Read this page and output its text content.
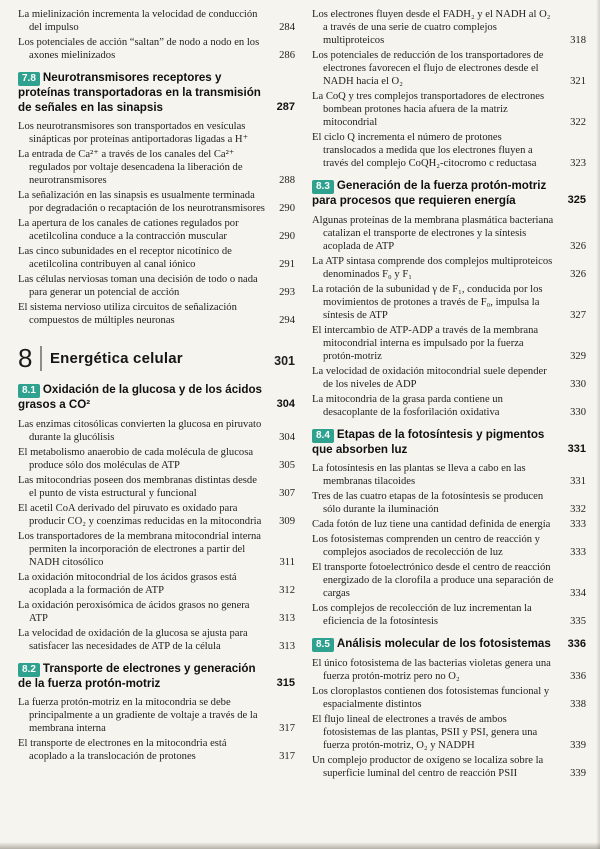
La mielinización incrementa la velocidad de conducción del impulso	284
Los potenciales de acción “saltan” de nodo a nodo en los axones mielinizados	286
7.8 Neurotransmisores receptores y proteínas transportadoras en la transmisión de señales en las sinapsis	287
Los neurotransmisores son transportados en vesículas sinápticas por proteínas antiportadoras ligadas a H⁺
La entrada de Ca²⁺ a través de los canales del Ca²⁺ regulados por voltaje desencadena la liberación de neurotransmisores	288
La señalización en las sinapsis es usualmente terminada por degradación o recaptación de los neurotransmisores 290
La apertura de los canales de cationes regulados por acetilcolina conduce a la contracción muscular	290
Las cinco subunidades en el receptor nicotínico de acetilcolina contribuyen al canal iónico	291
Las células nerviosas toman una decisión de todo o nada para generar un potencial de acción	293
El sistema nervioso utiliza circuitos de señalización compuestos de múltiples neuronas	294
8	Energética celular	301
8.1 Oxidación de la glucosa y de los ácidos grasos a CO²	304
Las enzimas citosólicas convierten la glucosa en piruvato durante la glucólisis	304
El metabolismo anaerobio de cada molécula de glucosa produce sólo dos moléculas de ATP	305
Las mitocondrias poseen dos membranas distintas desde el punto de vista estructural y funcional	307
El acetil CoA derivado del piruvato es oxidado para producir CO₂ y coenzimas reducidas en la mitocondria 309
Los transportadores de la membrana mitocondrial interna permiten la incorporación de electrones a partir del NADH citosólico	311
La oxidación mitocondrial de los ácidos grasos está acoplada a la formación de ATP	312
La oxidación peroxisómica de ácidos grasos no genera ATP	313
La velocidad de oxidación de la glucosa se ajusta para satisfacer las necesidades de ATP de la célula	313
8.2 Transporte de electrones y generación de la fuerza protón-motriz	315
La fuerza protón-motriz en la mitocondria se debe principalmente a un gradiente de voltaje a través de la membrana interna	317
El transporte de electrones en la mitocondria está acoplado a la translocación de protones	317
Los electrones fluyen desde el FADH₂ y el NADH al O₂ a través de una serie de cuatro complejos multiproteicos	318
Los potenciales de reducción de los transportadores de electrones favorecen el flujo de electrones desde el NADH hacia el O₂	321
La CoQ y tres complejos transportadores de electrones bombean protones hacia afuera de la matriz mitocondrial	322
El ciclo Q incrementa el número de protones translocados a medida que los electrones fluyen a través del complejo CoQH₂-citocromo c reductasa	323
8.3 Generación de la fuerza protón-motriz para procesos que requieren energía	325
Algunas proteínas de la membrana plasmática bacteriana catalizan el transporte de electrones y la síntesis acoplada de ATP	326
La ATP sintasa comprende dos complejos multiproteicos denominados F₀ y F₁	326
La rotación de la subunidad γ de F₁, conducida por los movimientos de protones a través de F₀, impulsa la síntesis de ATP	327
El intercambio de ATP-ADP a través de la membrana mitocondrial interna es impulsado por la fuerza protón-motriz	329
La velocidad de oxidación mitocondrial suele depender de los niveles de ADP	330
La mitocondria de la grasa parda contiene un desacoplante de la fosforilación oxidativa	330
8.4 Etapas de la fotosíntesis y pigmentos que absorben luz	331
La fotosíntesis en las plantas se lleva a cabo en las membranas tilacoides	331
Tres de las cuatro etapas de la fotosíntesis se producen sólo durante la iluminación	332
Cada fotón de luz tiene una cantidad definida de energía 333
Los fotosistemas comprenden un centro de reacción y complejos asociados de recolección de luz	333
El transporte fotoelectrónico desde el centro de reacción energizado de la clorofila a produce una separación de cargas	334
Los complejos de recolección de luz incrementan la eficiencia de la fotosíntesis	335
8.5 Análisis molecular de los fotosistemas 336
El único fotosistema de las bacterias violetas genera una fuerza protón-motriz pero no O₂	336
Los cloroplastos contienen dos fotosistemas funcional y espacialmente distintos	338
El flujo lineal de electrones a través de ambos fotosistemas de las plantas, PSII y PSI, genera una fuerza protón-motriz, O₂ y NADPH	339
Un complejo productor de oxígeno se localiza sobre la superficie luminal del centro de reacción PSII	339
